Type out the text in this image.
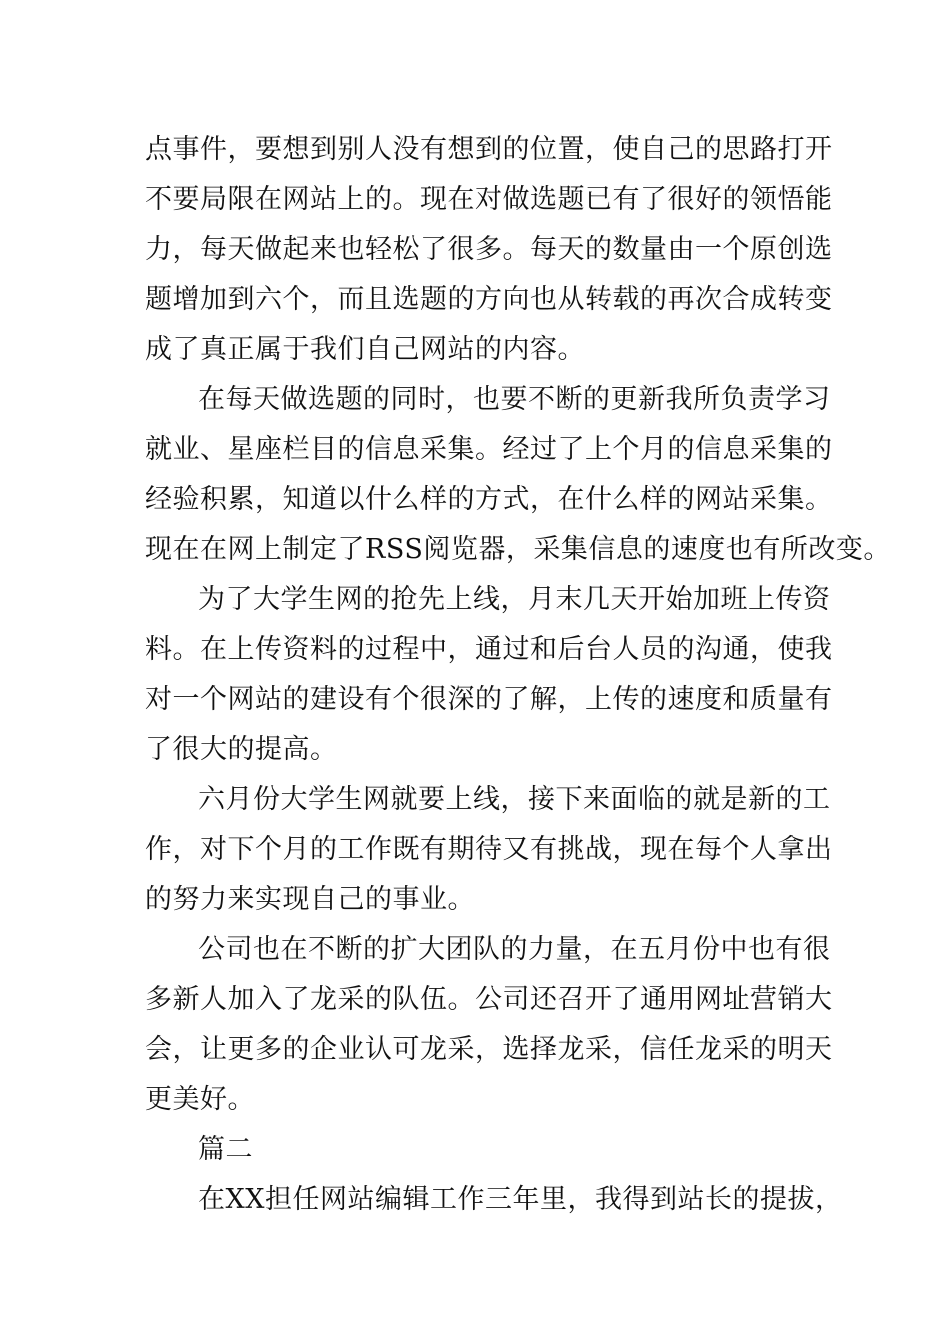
点事件，要想到别人没有想到的位置，使自己的思路打开
不要局限在网站上的。现在对做选题已有了很好的领悟能
力，每天做起来也轻松了很多。每天的数量由一个原创选
题增加到六个，而且选题的方向也从转载的再次合成转变
成了真正属于我们自己网站的内容。
在每天做选题的同时，也要不断的更新我所负责学习
就业、星座栏目的信息采集。经过了上个月的信息采集的
经验积累，知道以什么样的方式，在什么样的网站采集。
现在在网上制定了RSS阅览器，采集信息的速度也有所改变。
为了大学生网的抢先上线，月末几天开始加班上传资
料。在上传资料的过程中，通过和后台人员的沟通，使我
对一个网站的建设有个很深的了解，上传的速度和质量有
了很大的提高。
六月份大学生网就要上线，接下来面临的就是新的工
作，对下个月的工作既有期待又有挑战，现在每个人拿出
的努力来实现自己的事业。
公司也在不断的扩大团队的力量，在五月份中也有很
多新人加入了龙采的队伍。公司还召开了通用网址营销大
会，让更多的企业认可龙采，选择龙采，信任龙采的明天
更美好。
篇二
在XX担任网站编辑工作三年里，我得到站长的提拔，
